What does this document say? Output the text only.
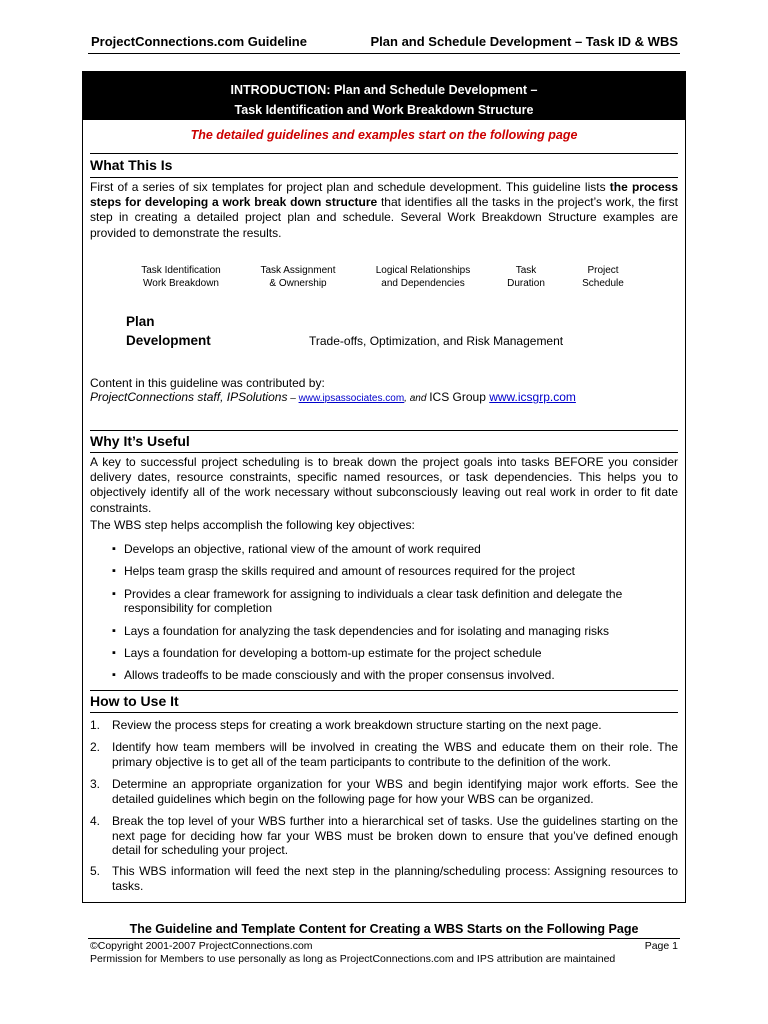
ProjectConnections.com Guideline	Plan and Schedule Development – Task ID & WBS
INTRODUCTION: Plan and Schedule Development –
Task Identification and Work Breakdown Structure
The detailed guidelines and examples start on the following page
What This Is
First of a series of six templates for project plan and schedule development. This guideline lists the process steps for developing a work break down structure that identifies all the tasks in the project’s work, the first step in creating a detailed project plan and schedule. Several Work Breakdown Structure examples are provided to demonstrate the results.
Task Identification
Work Breakdown
Task Assignment
& Ownership
Logical Relationships
and Dependencies
Task
Duration
Project
Schedule
Plan
Development	Trade-offs, Optimization, and Risk Management
Content in this guideline was contributed by:
ProjectConnections staff, IPSolutions – www.ipsassociates.com, and ICS Group www.icsgrp.com
Why It’s Useful
A key to successful project scheduling is to break down the project goals into tasks BEFORE you consider delivery dates, resource constraints, specific named resources, or task dependencies. This helps you to objectively identify all of the work necessary without subconsciously leaving out real work in order to fit date constraints.
The WBS step helps accomplish the following key objectives:
▪ Develops an objective, rational view of the amount of work required
▪ Helps team grasp the skills required and amount of resources required for the project
▪ Provides a clear framework for assigning to individuals a clear task definition and delegate the responsibility for completion
▪ Lays a foundation for analyzing the task dependencies and for isolating and managing risks
▪ Lays a foundation for developing a bottom-up estimate for the project schedule
▪ Allows tradeoffs to be made consciously and with the proper consensus involved.
How to Use It
1. Review the process steps for creating a work breakdown structure starting on the next page.
2. Identify how team members will be involved in creating the WBS and educate them on their role. The primary objective is to get all of the team participants to contribute to the definition of the work.
3. Determine an appropriate organization for your WBS and begin identifying major work efforts. See the detailed guidelines which begin on the following page for how your WBS can be organized.
4. Break the top level of your WBS further into a hierarchical set of tasks. Use the guidelines starting on the next page for deciding how far your WBS must be broken down to ensure that you’ve defined enough detail for scheduling your project.
5. This WBS information will feed the next step in the planning/scheduling process: Assigning resources to tasks.
The Guideline and Template Content for Creating a WBS Starts on the Following Page
©Copyright 2001-2007 ProjectConnections.com	Page 1
Permission for Members to use personally as long as ProjectConnections.com and IPS attribution are maintained
